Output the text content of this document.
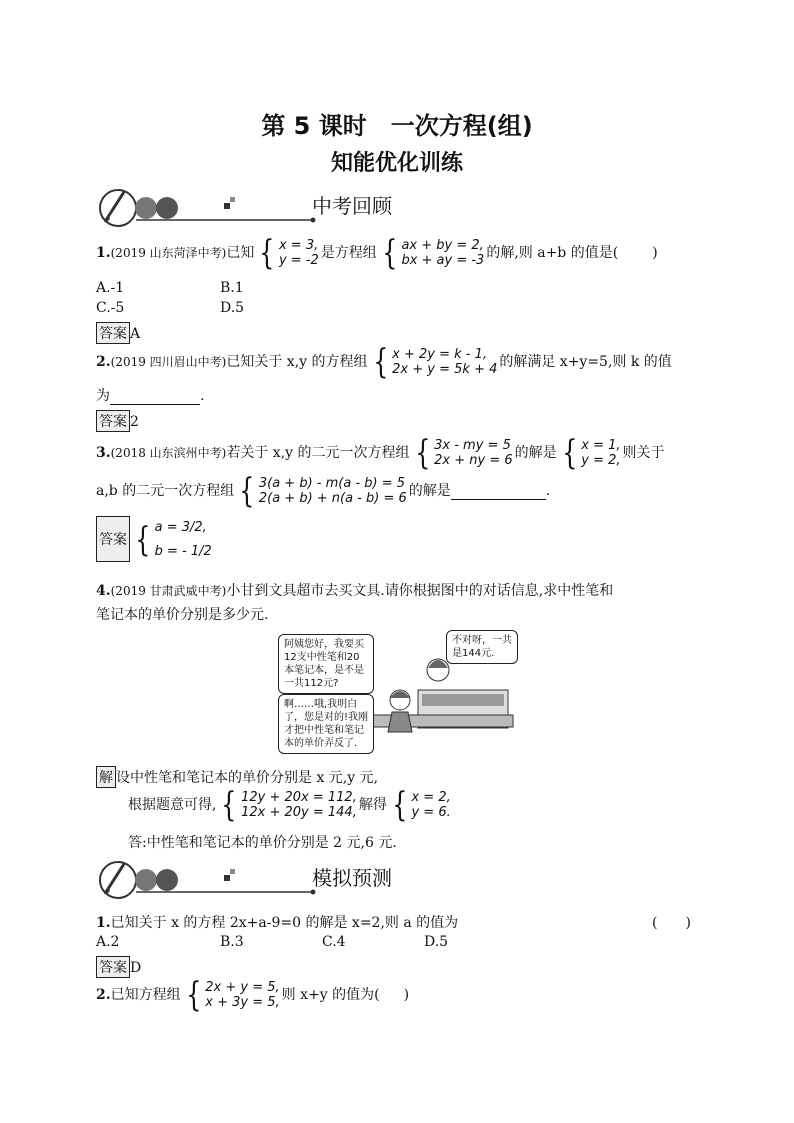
第 5 课时　一次方程(组)
知能优化训练
中考回顾
1.(2019 山东菏泽中考)已知 { x = 3,
y = -2 是方程组 { ax + by = 2,
bx + ay = -3 的解,则 a+b 的值是( )
A.-1	B.1
C.-5	D.5
答案 A
2.(2019 四川眉山中考)已知关于 x,y 的方程组 { x + 2y = k - 1,
2x + y = 5k + 4 的解满足 x+y=5,则 k 的值
为	.
答案 2
3.(2018 山东滨州中考)若关于 x,y 的二元一次方程组 { 3x - my = 5
2x + ny = 6 的解是 { x = 1,
y = 2, 则关于
a,b 的二元一次方程组 { 3(a + b) - m(a - b) = 5
2(a + b) + n(a - b) = 6 的解是	.
答案 { a = 3/2,
b = - 1/2
4.(2019 甘肃武威中考)小甘到文具超市去买文具.请你根据图中的对话信息,求中性笔和
笔记本的单价分别是多少元.
阿姨您好，我要买12支中性笔和20本笔记本，是不是一共112元?
不对呀，一共是144元.
啊……哦,我明白了，您是对的!我刚才把中性笔和笔记本的单价弄反了.
解 设中性笔和笔记本的单价分别是 x 元,y 元,
根据题意可得, { 12y + 20x = 112,
12x + 20y = 144, 解得 { x = 2,
y = 6.
答:中性笔和笔记本的单价分别是 2 元,6 元.
模拟预测
1.已知关于 x 的方程 2x+a-9=0 的解是 x=2,则 a 的值为	(　　)
A.2	B.3	C.4	D.5
答案 D
2.已知方程组 { 2x + y = 5,
x + 3y = 5, 则 x+y 的值为( )
